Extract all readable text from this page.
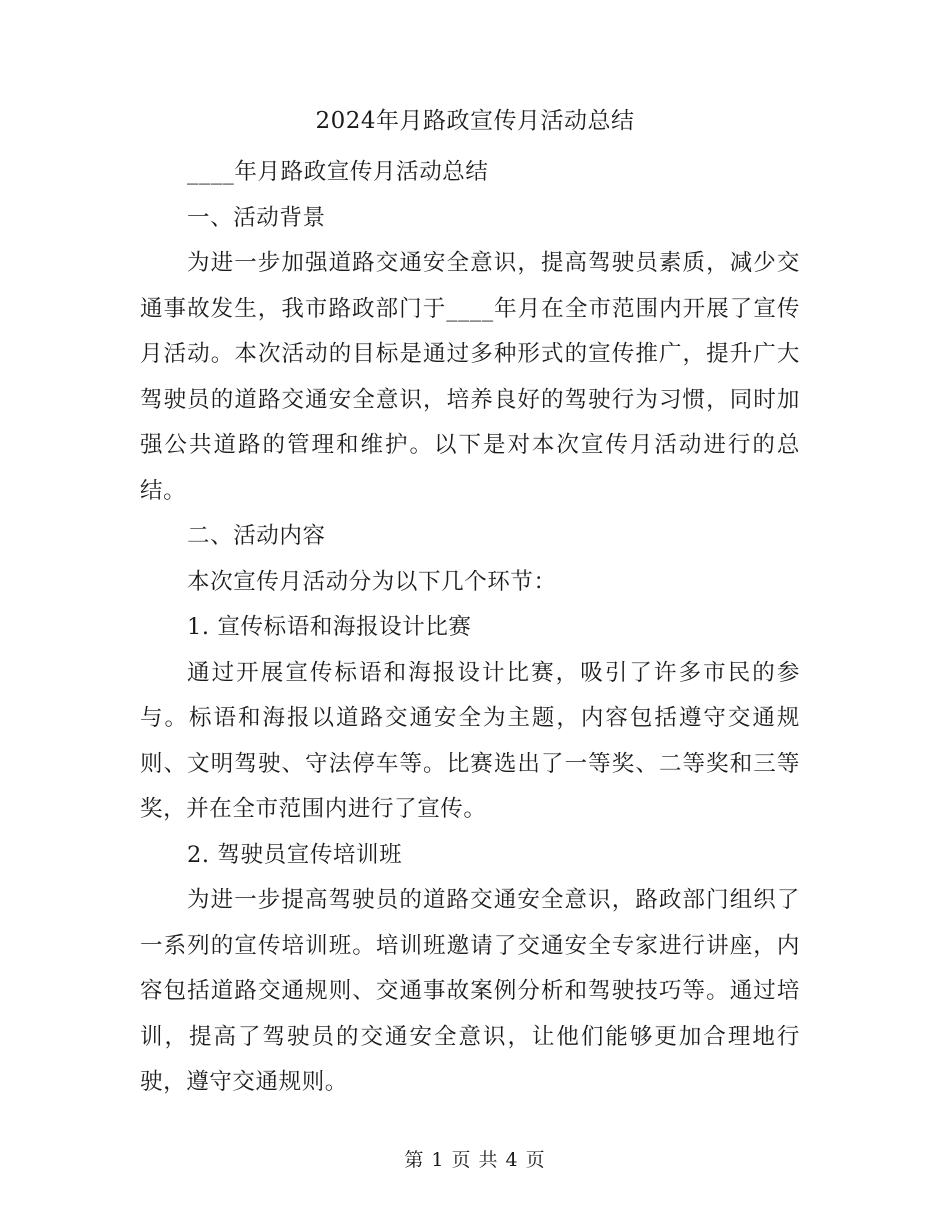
2024年月路政宣传月活动总结

____年月路政宣传月活动总结

一、活动背景

为进一步加强道路交通安全意识，提高驾驶员素质，减少交通事故发生，我市路政部门于____年月在全市范围内开展了宣传月活动。本次活动的目标是通过多种形式的宣传推广，提升广大驾驶员的道路交通安全意识，培养良好的驾驶行为习惯，同时加强公共道路的管理和维护。以下是对本次宣传月活动进行的总结。

二、活动内容

本次宣传月活动分为以下几个环节：

1. 宣传标语和海报设计比赛

通过开展宣传标语和海报设计比赛，吸引了许多市民的参与。标语和海报以道路交通安全为主题，内容包括遵守交通规则、文明驾驶、守法停车等。比赛选出了一等奖、二等奖和三等奖，并在全市范围内进行了宣传。

2. 驾驶员宣传培训班

为进一步提高驾驶员的道路交通安全意识，路政部门组织了一系列的宣传培训班。培训班邀请了交通安全专家进行讲座，内容包括道路交通规则、交通事故案例分析和驾驶技巧等。通过培训，提高了驾驶员的交通安全意识，让他们能够更加合理地行驶，遵守交通规则。

第 1 页 共 4 页
